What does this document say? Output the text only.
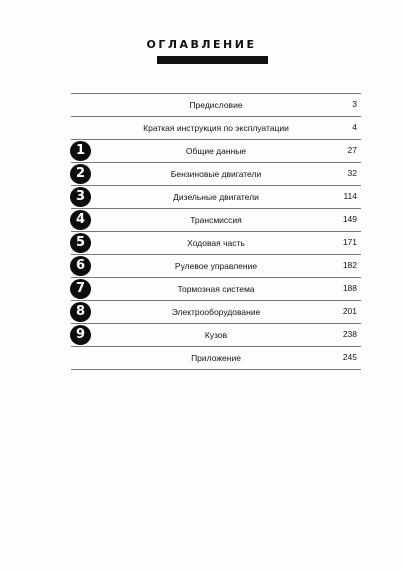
ОГЛАВЛЕНИЕ
Предисловие	3
Краткая инструкция по эксплуатации	4
1	Общие данные	27
2	Бензиновые двигатели	32
3	Дизельные двигатели	114
4	Трансмиссия	149
5	Ходовая часть	171
6	Рулевое управление	182
7	Тормозная система	188
8	Электрооборудование	201
9	Кузов	238
Приложение	245
